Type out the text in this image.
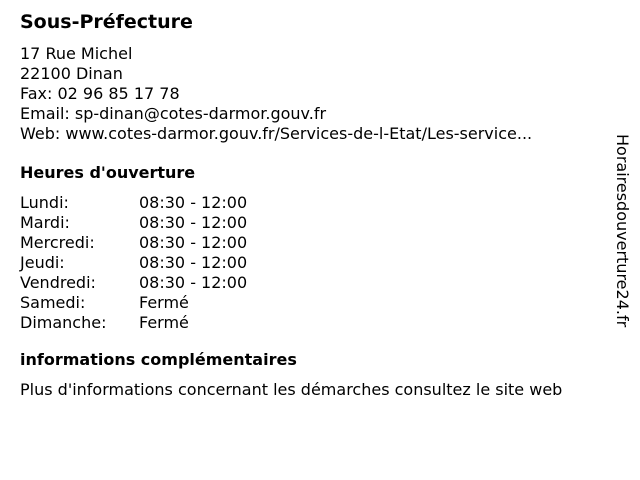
Sous-Préfecture
17 Rue Michel
22100 Dinan
Fax: 02 96 85 17 78
Email: sp-dinan@cotes-darmor.gouv.fr
Web: www.cotes-darmor.gouv.fr/Services-de-l-Etat/Les-service...
Heures d'ouverture
Lundi:	08:30 - 12:00
Mardi:	08:30 - 12:00
Mercredi:	08:30 - 12:00
Jeudi:	08:30 - 12:00
Vendredi:	08:30 - 12:00
Samedi:	Fermé
Dimanche:	Fermé
informations complémentaires
Plus d'informations concernant les démarches consultez le site web
Horairesdouverture24.fr
